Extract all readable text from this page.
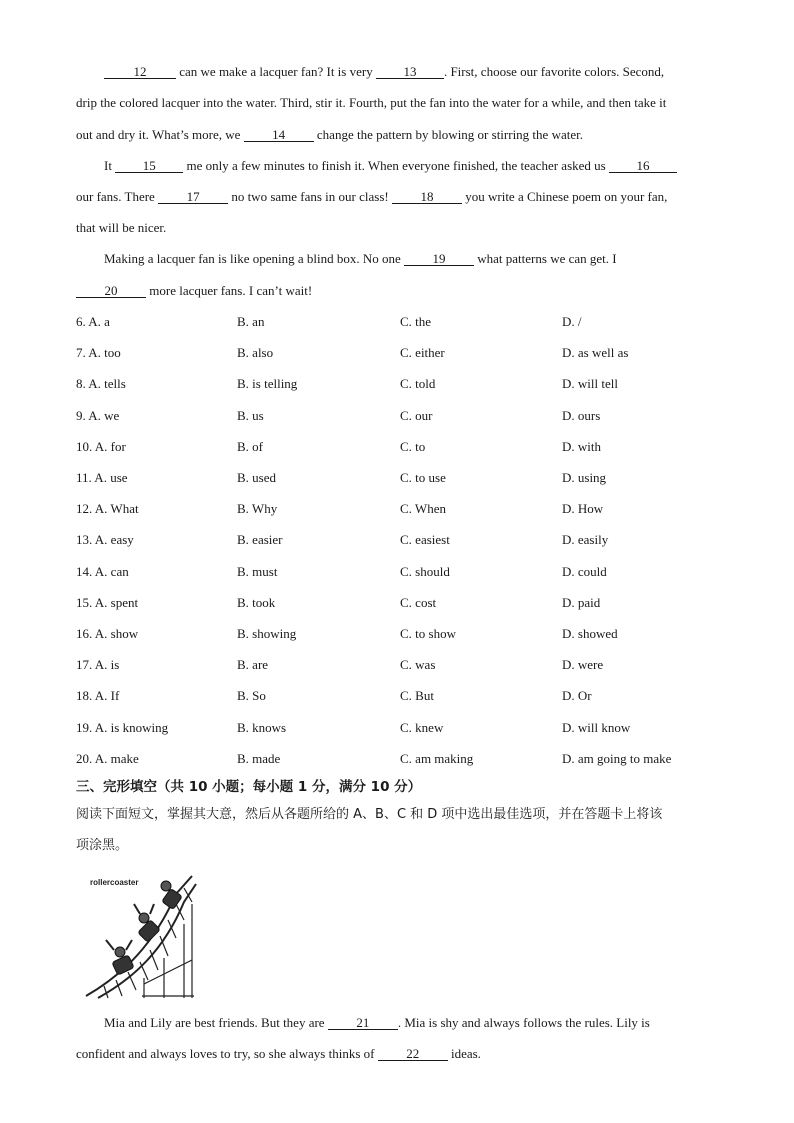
12 can we make a lacquer fan? It is very 13 . First, choose our favorite colors. Second,
drip the colored lacquer into the water. Third, stir it. Fourth, put the fan into the water for a while, and then take it
out and dry it. What’s more, we 14 change the pattern by blowing or stirring the water.
It 15 me only a few minutes to finish it. When everyone finished, the teacher asked us 16
our fans. There 17 no two same fans in our class! 18 you write a Chinese poem on your fan,
that will be nicer.
Making a lacquer fan is like opening a blind box. No one 19 what patterns we can get. I
20 more lacquer fans. I can’t wait!
6. A. a	B. an	C. the	D. /
7. A. too	B. also	C. either	D. as well as
8. A. tells	B. is telling	C. told	D. will tell
9. A. we	B. us	C. our	D. ours
10. A. for	B. of	C. to	D. with
11. A. use	B. used	C. to use	D. using
12. A. What	B. Why	C. When	D. How
13. A. easy	B. easier	C. easiest	D. easily
14. A. can	B. must	C. should	D. could
15. A. spent	B. took	C. cost	D. paid
16. A. show	B. showing	C. to show	D. showed
17. A. is	B. are	C. was	D. were
18. A. If	B. So	C. But	D. Or
19. A. is knowing	B. knows	C. knew	D. will know
20. A. make	B. made	C. am making	D. am going to make
三、完形填空（共 10 小题；每小题 1 分，满分 10 分）
阅读下面短文，掌握其大意，然后从各题所给的 A、B、C 和 D 项中选出最佳选项，并在答题卡上将该
项涂黑。
rollercoaster
Mia and Lily are best friends. But they are 21 . Mia is shy and always follows the rules. Lily is
confident and always loves to try, so she always thinks of 22 ideas.
